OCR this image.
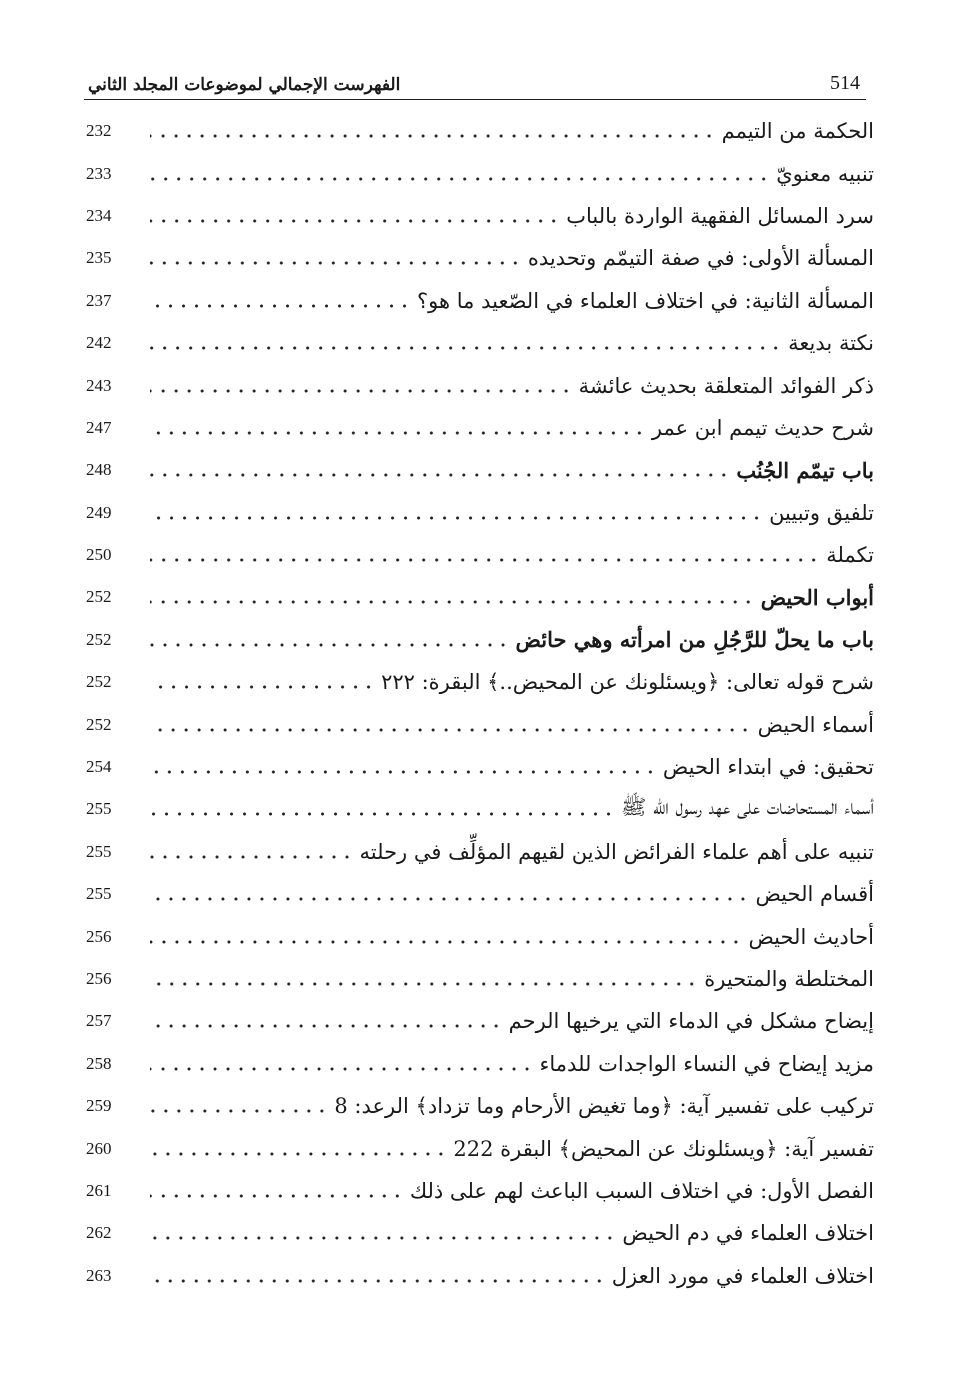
الفهرست الإجمالي لموضوعات المجلد الثاني	514
232	الحكمة من التيمم
233	تنبيه معنويّ
234	سرد المسائل الفقهية الواردة بالباب
235	المسألة الأولى: في صفة التيمّم وتحديده
237	المسألة الثانية: في اختلاف العلماء في الصّعيد ما هو؟
242	نكتة بديعة
243	ذكر الفوائد المتعلقة بحديث عائشة
247	شرح حديث تيمم ابن عمر
248	باب تيمّم الجُنُب
249	تلفيق وتبيين
250	تكملة
252	أبواب الحيض
252	باب ما يحلّ للرَّجُلِ من امرأته وهي حائض
252	شرح قوله تعالى: ﴿ويسئلونك عن المحيض..﴾ البقرة: ٢٢٢
252	أسماء الحيض
254	تحقيق: في ابتداء الحيض
255	أسماء المستحاضات على عهد رسول الله ﷺ
255	تنبيه على أهم علماء الفرائض الذين لقيهم المؤلِّف في رحلته
255	أقسام الحيض
256	أحاديث الحيض
256	المختلطة والمتحيرة
257	إيضاح مشكل في الدماء التي يرخيها الرحم
258	مزيد إيضاح في النساء الواجدات للدماء
259	تركيب على تفسير آية: ﴿وما تغيض الأرحام وما تزداد﴾ الرعد: 8
260	تفسير آية: ﴿ويسئلونك عن المحيض﴾ البقرة 222
261	الفصل الأول: في اختلاف السبب الباعث لهم على ذلك
262	اختلاف العلماء في دم الحيض
263	اختلاف العلماء في مورد العزل
